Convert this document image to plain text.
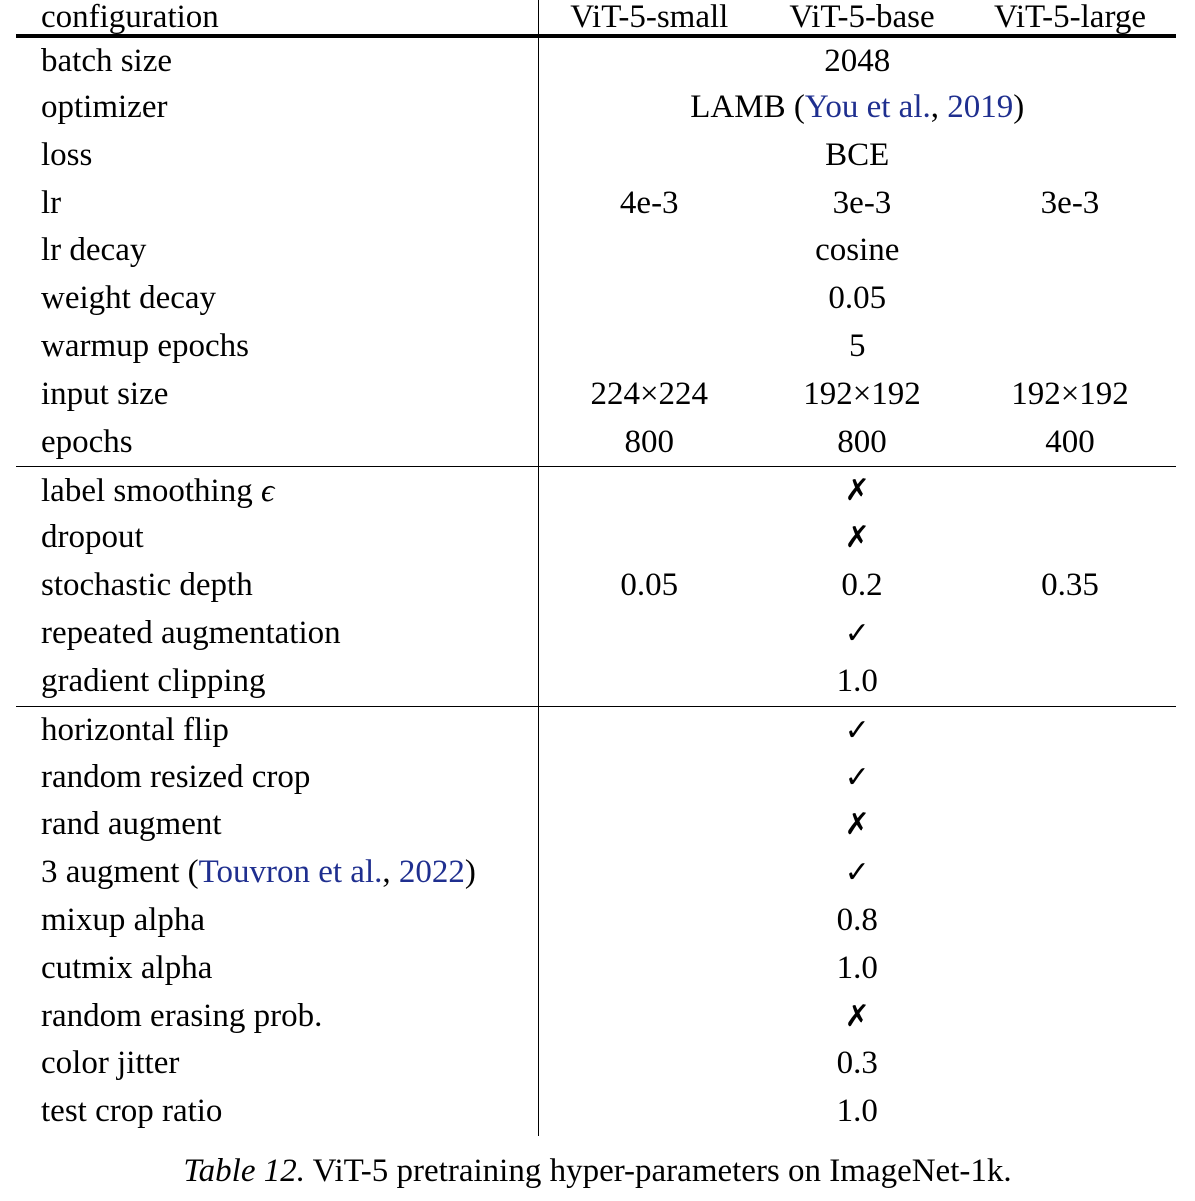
configuration	ViT-5-small	ViT-5-base	ViT-5-large
batch size	2048		
optimizer	LAMB (You et al., 2019)		
loss	BCE		
lr	4e-3	3e-3	3e-3
lr decay	cosine		
weight decay	0.05		
warmup epochs	5		
input size	224×224	192×192	192×192
epochs	800	800	400
label smoothing ϵ	✗		
dropout	✗		
stochastic depth	0.05	0.2	0.35
repeated augmentation	✓		
gradient clipping	1.0		
horizontal flip	✓		
random resized crop	✓		
rand augment	✗		
3 augment (Touvron et al., 2022)	✓		
mixup alpha	0.8		
cutmix alpha	1.0		
random erasing prob.	✗		
color jitter	0.3		
test crop ratio	1.0		
Table 12. ViT-5 pretraining hyper-parameters on ImageNet-1k.
